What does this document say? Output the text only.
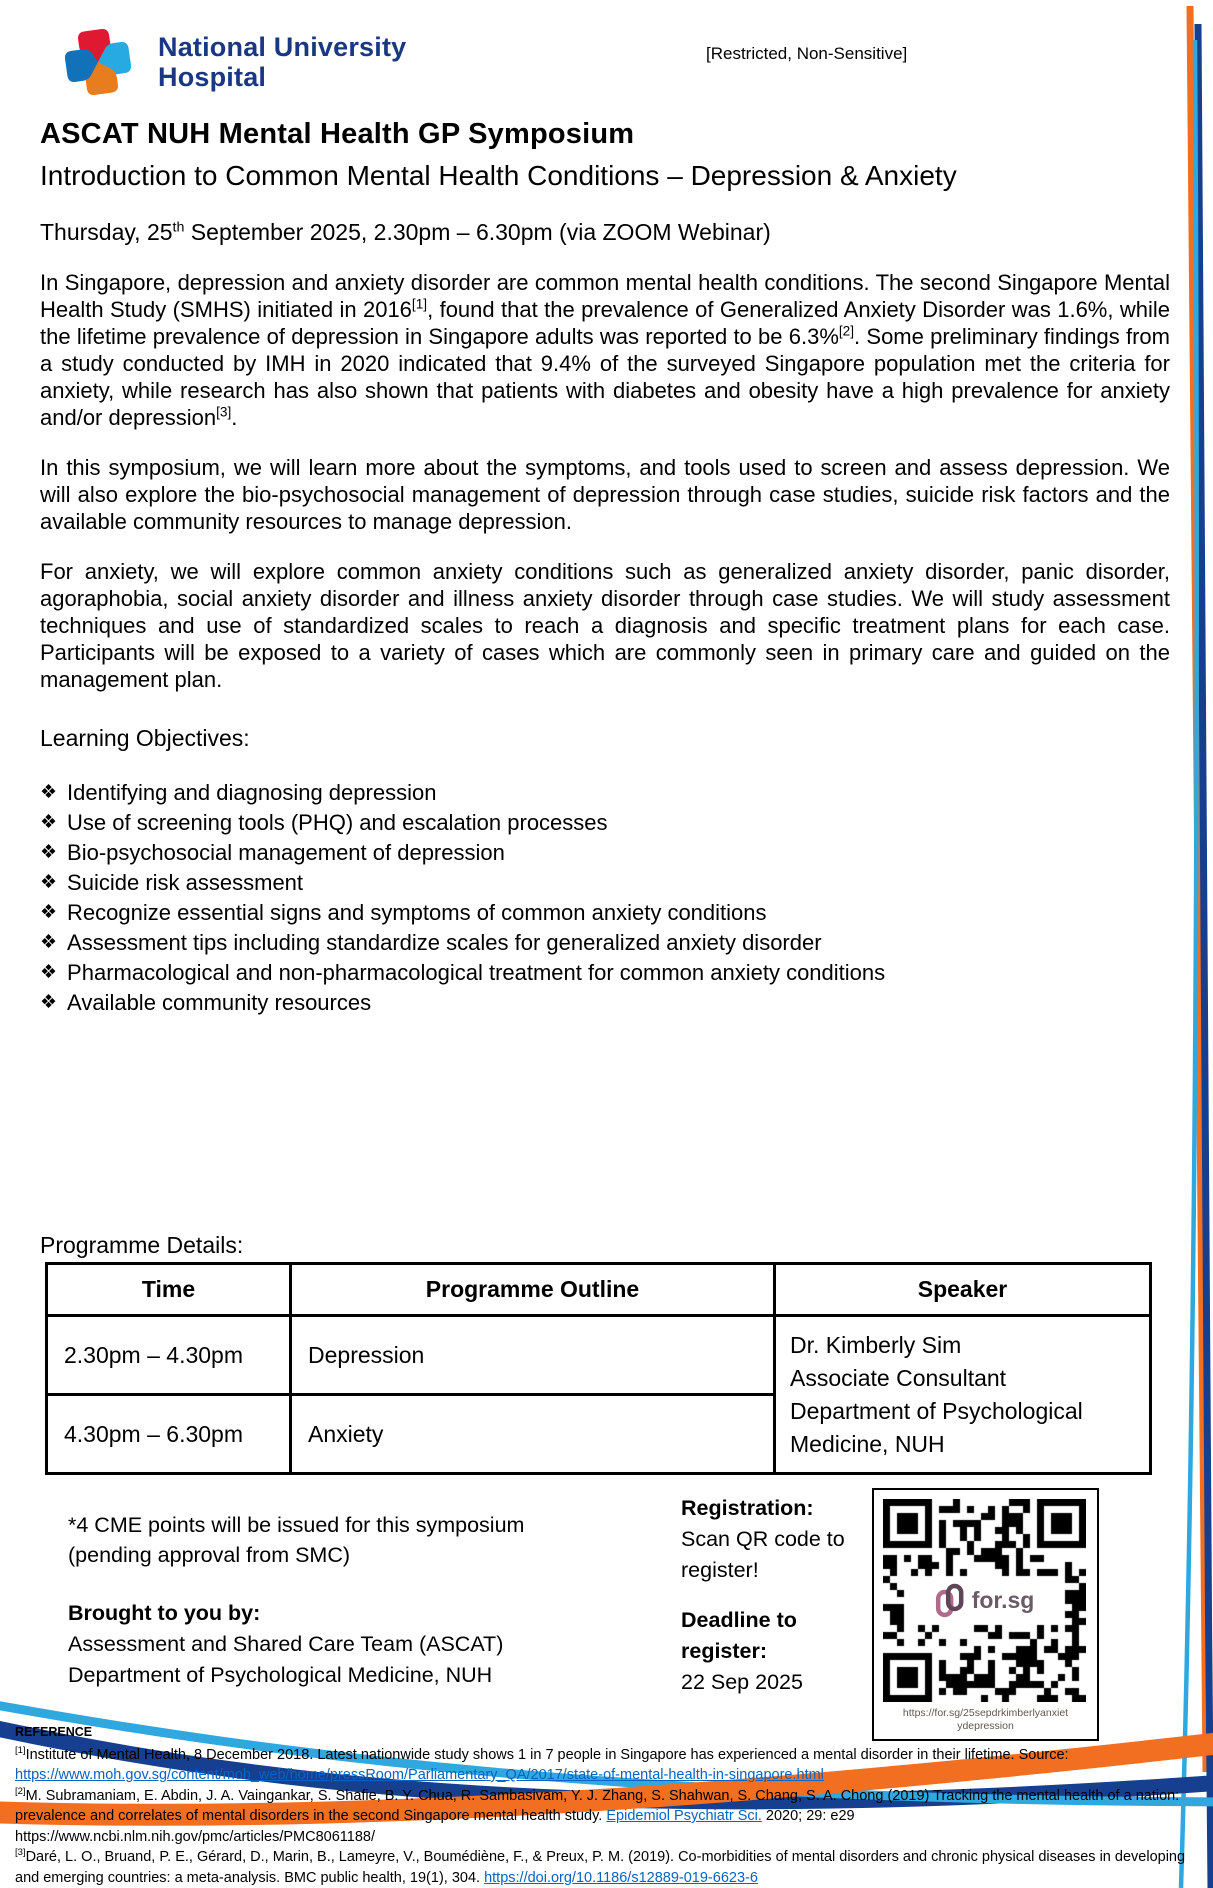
National University
Hospital
[Restricted, Non-Sensitive]
ASCAT NUH Mental Health GP Symposium
Introduction to Common Mental Health Conditions – Depression & Anxiety
Thursday, 25th September 2025, 2.30pm – 6.30pm (via ZOOM Webinar)

In Singapore, depression and anxiety disorder are common mental health conditions. The second Singapore Mental Health Study (SMHS) initiated in 2016[1], found that the prevalence of Generalized Anxiety Disorder was 1.6%, while the lifetime prevalence of depression in Singapore adults was reported to be 6.3%[2]. Some preliminary findings from a study conducted by IMH in 2020 indicated that 9.4% of the surveyed Singapore population met the criteria for anxiety, while research has also shown that patients with diabetes and obesity have a high prevalence for anxiety and/or depression[3].

In this symposium, we will learn more about the symptoms, and tools used to screen and assess depression. We will also explore the bio-psychosocial management of depression through case studies, suicide risk factors and the available community resources to manage depression.

For anxiety, we will explore common anxiety conditions such as generalized anxiety disorder, panic disorder, agoraphobia, social anxiety disorder and illness anxiety disorder through case studies. We will study assessment techniques and use of standardized scales to reach a diagnosis and specific treatment plans for each case. Participants will be exposed to a variety of cases which are commonly seen in primary care and guided on the management plan.

Learning Objectives:
❖ Identifying and diagnosing depression
❖ Use of screening tools (PHQ) and escalation processes
❖ Bio-psychosocial management of depression
❖ Suicide risk assessment
❖ Recognize essential signs and symptoms of common anxiety conditions
❖ Assessment tips including standardize scales for generalized anxiety disorder
❖ Pharmacological and non-pharmacological treatment for common anxiety conditions
❖ Available community resources
Programme Details:
Time	Programme Outline	Speaker
2.30pm – 4.30pm	Depression	Dr. Kimberly Sim
Associate Consultant
Department of Psychological Medicine, NUH

4.30pm – 6.30pm	Anxiety	
*4 CME points will be issued for this symposium
(pending approval from SMC)
Brought to you by:
Assessment and Shared Care Team (ASCAT)
Department of Psychological Medicine, NUH
Registration:
Scan QR code to
register!
Deadline to
register:
22 Sep 2025
for.sg
https://for.sg/25sepdrkimberlyanxiet
ydepression
REFERENCE

[1]Institute of Mental Health, 8 December 2018. Latest nationwide study shows 1 in 7 people in Singapore has experienced a mental disorder in their lifetime. Source:
https://www.moh.gov.sg/content/moh_web/home/pressRoom/Parliamentary_QA/2017/state-of-mental-health-in-singapore.html

[2]M. Subramaniam, E. Abdin, J. A. Vaingankar, S. Shafie, B. Y. Chua, R. Sambasivam, Y. J. Zhang, S. Shahwan, S. Chang, S. A. Chong (2019) Tracking the mental health of a nation: prevalence and correlates of mental disorders in the second Singapore mental health study. Epidemiol Psychiatr Sci. 2020; 29: e29
https://www.ncbi.nlm.nih.gov/pmc/articles/PMC8061188/

[3]Daré, L. O., Bruand, P. E., Gérard, D., Marin, B., Lameyre, V., Boumédiène, F., & Preux, P. M. (2019). Co-morbidities of mental disorders and chronic physical diseases in developing and emerging countries: a meta-analysis. BMC public health, 19(1), 304. https://doi.org/10.1186/s12889-019-6623-6
